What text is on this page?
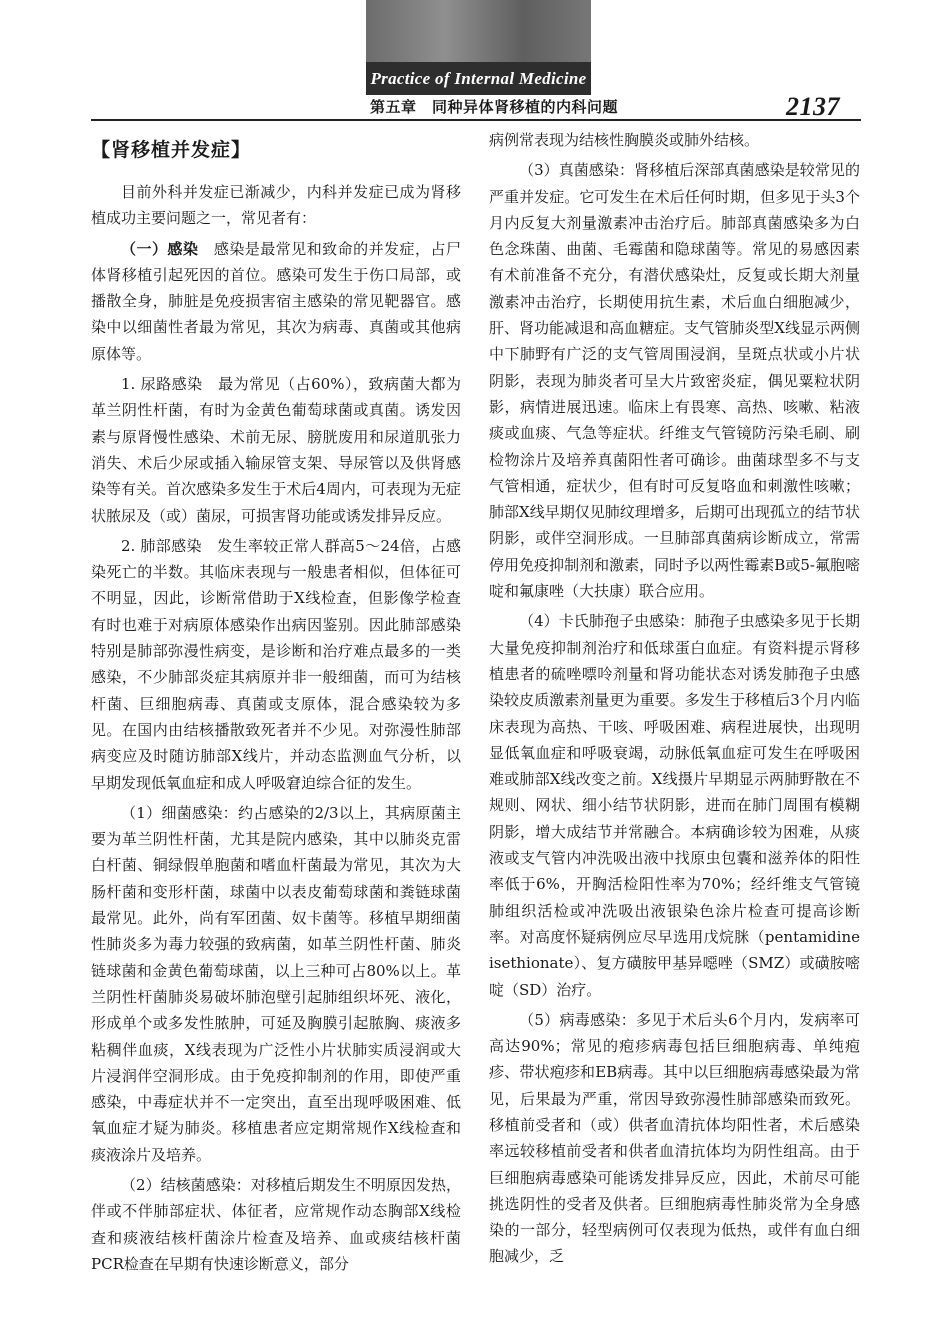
Practice of Internal Medicine
第五章　同种异体肾移植的内科问题	2137
【肾移植并发症】

目前外科并发症已渐减少，内科并发症已成为肾移植成功主要问题之一，常见者有：

（一）感染　感染是最常见和致命的并发症，占尸体肾移植引起死因的首位。感染可发生于伤口局部，或播散全身，肺脏是免疫损害宿主感染的常见靶器官。感染中以细菌性者最为常见，其次为病毒、真菌或其他病原体等。

1. 尿路感染　最为常见（占60%），致病菌大都为革兰阴性杆菌，有时为金黄色葡萄球菌或真菌。诱发因素与原肾慢性感染、术前无尿、膀胱废用和尿道肌张力消失、术后少尿或插入输尿管支架、导尿管以及供肾感染等有关。首次感染多发生于术后4周内，可表现为无症状脓尿及（或）菌尿，可损害肾功能或诱发排异反应。

2. 肺部感染　发生率较正常人群高5～24倍，占感染死亡的半数。其临床表现与一般患者相似，但体征可不明显，因此，诊断常借助于X线检查，但影像学检查有时也难于对病原体感染作出病因鉴别。因此肺部感染特别是肺部弥漫性病变，是诊断和治疗难点最多的一类感染，不少肺部炎症其病原并非一般细菌，而可为结核杆菌、巨细胞病毒、真菌或支原体，混合感染较为多见。在国内由结核播散致死者并不少见。对弥漫性肺部病变应及时随访肺部X线片，并动态监测血气分析，以早期发现低氧血症和成人呼吸窘迫综合征的发生。

（1）细菌感染：约占感染的2/3以上，其病原菌主要为革兰阴性杆菌，尤其是院内感染，其中以肺炎克雷白杆菌、铜绿假单胞菌和嗜血杆菌最为常见，其次为大肠杆菌和变形杆菌，球菌中以表皮葡萄球菌和粪链球菌最常见。此外，尚有军团菌、奴卡菌等。移植早期细菌性肺炎多为毒力较强的致病菌，如革兰阴性杆菌、肺炎链球菌和金黄色葡萄球菌，以上三种可占80%以上。革兰阴性杆菌肺炎易破坏肺泡壁引起肺组织坏死、液化，形成单个或多发性脓肿，可延及胸膜引起脓胸、痰液多粘稠伴血痰，X线表现为广泛性小片状肺实质浸润或大片浸润伴空洞形成。由于免疫抑制剂的作用，即使严重感染，中毒症状并不一定突出，直至出现呼吸困难、低氧血症才疑为肺炎。移植患者应定期常规作X线检查和痰液涂片及培养。

（2）结核菌感染：对移植后期发生不明原因发热，伴或不伴肺部症状、体征者，应常规作动态胸部X线检查和痰液结核杆菌涂片检查及培养、血或痰结核杆菌PCR检查在早期有快速诊断意义，部分

病例常表现为结核性胸膜炎或肺外结核。

（3）真菌感染：肾移植后深部真菌感染是较常见的严重并发症。它可发生在术后任何时期，但多见于头3个月内反复大剂量激素冲击治疗后。肺部真菌感染多为白色念珠菌、曲菌、毛霉菌和隐球菌等。常见的易感因素有术前准备不充分，有潜伏感染灶，反复或长期大剂量激素冲击治疗，长期使用抗生素，术后血白细胞减少，肝、肾功能减退和高血糖症。支气管肺炎型X线显示两侧中下肺野有广泛的支气管周围浸润，呈斑点状或小片状阴影，表现为肺炎者可呈大片致密炎症，偶见粟粒状阴影，病情进展迅速。临床上有畏寒、高热、咳嗽、粘液痰或血痰、气急等症状。纤维支气管镜防污染毛刷、刷检物涂片及培养真菌阳性者可确诊。曲菌球型多不与支气管相通，症状少，但有时可反复咯血和刺激性咳嗽；肺部X线早期仅见肺纹理增多，后期可出现孤立的结节状阴影，或伴空洞形成。一旦肺部真菌病诊断成立，常需停用免疫抑制剂和激素，同时予以两性霉素B或5-氟胞嘧啶和氟康唑（大扶康）联合应用。

（4）卡氏肺孢子虫感染：肺孢子虫感染多见于长期大量免疫抑制剂治疗和低球蛋白血症。有资料提示肾移植患者的硫唑嘌呤剂量和肾功能状态对诱发肺孢子虫感染较皮质激素剂量更为重要。多发生于移植后3个月内临床表现为高热、干咳、呼吸困难、病程进展快，出现明显低氧血症和呼吸衰竭，动脉低氧血症可发生在呼吸困难或肺部X线改变之前。X线摄片早期显示两肺野散在不规则、网状、细小结节状阴影，进而在肺门周围有模糊阴影，增大成结节并常融合。本病确诊较为困难，从痰液或支气管内冲洗吸出液中找原虫包囊和滋养体的阳性率低于6%，开胸活检阳性率为70%；经纤维支气管镜肺组织活检或冲洗吸出液银染色涂片检查可提高诊断率。对高度怀疑病例应尽早选用戊烷脒（pentamidine isethionate）、复方磺胺甲基异噁唑（SMZ）或磺胺嘧啶（SD）治疗。

（5）病毒感染：多见于术后头6个月内，发病率可高达90%；常见的疱疹病毒包括巨细胞病毒、单纯疱疹、带状疱疹和EB病毒。其中以巨细胞病毒感染最为常见，后果最为严重，常因导致弥漫性肺部感染而致死。移植前受者和（或）供者血清抗体均阳性者，术后感染率远较移植前受者和供者血清抗体均为阴性组高。由于巨细胞病毒感染可能诱发排异反应，因此，术前尽可能挑选阴性的受者及供者。巨细胞病毒性肺炎常为全身感染的一部分，轻型病例可仅表现为低热，或伴有血白细胞减少，乏
